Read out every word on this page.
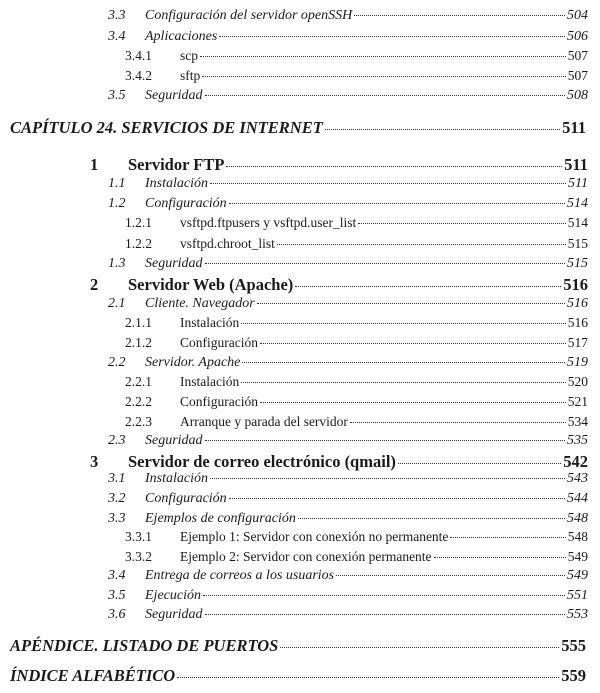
3.3 Configuración del servidor openSSH	504
3.4 Aplicaciones	506
3.4.1 scp	507
3.4.2 sftp	507
3.5 Seguridad	508
CAPÍTULO 24. SERVICIOS DE INTERNET	511
1 Servidor FTP	511
1.1 Instalación	511
1.2 Configuración	514
1.2.1 vsftpd.ftpusers y vsftpd.user_list	514
1.2.2 vsftpd.chroot_list	515
1.3 Seguridad	515
2 Servidor Web (Apache)	516
2.1 Cliente. Navegador	516
2.1.1 Instalación	516
2.1.2 Configuración	517
2.2 Servidor. Apache	519
2.2.1 Instalación	520
2.2.2 Configuración	521
2.2.3 Arranque y parada del servidor	534
2.3 Seguridad	535
3 Servidor de correo electrónico (qmail)	542
3.1 Instalación	543
3.2 Configuración	544
3.3 Ejemplos de configuración	548
3.3.1 Ejemplo 1: Servidor con conexión no permanente	548
3.3.2 Ejemplo 2: Servidor con conexión permanente	549
3.4 Entrega de correos a los usuarios	549
3.5 Ejecución	551
3.6 Seguridad	553
APÉNDICE. LISTADO DE PUERTOS	555
ÍNDICE ALFABÉTICO	559
